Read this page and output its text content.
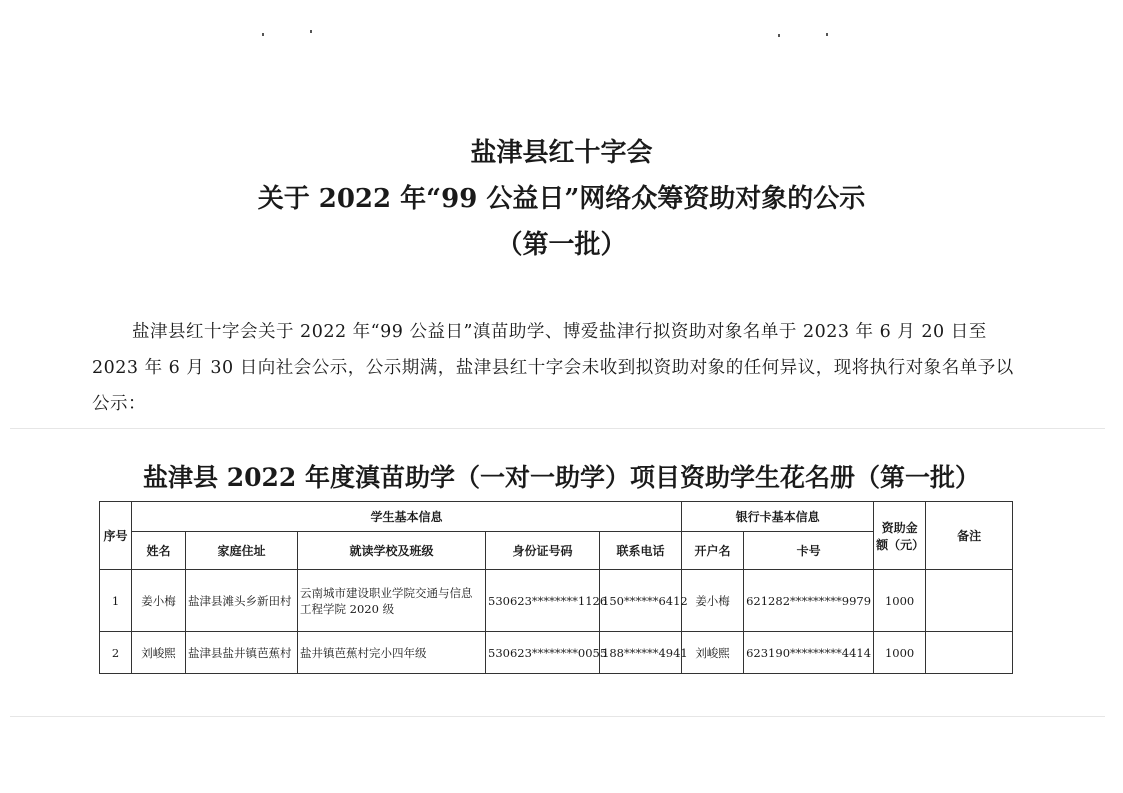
盐津县红十字会
关于 2022 年“99 公益日”网络众筹资助对象的公示
（第一批）
盐津县红十字会关于 2022 年“99 公益日”滇苗助学、博爱盐津行拟资助对象名单于 2023 年 6 月 20 日至 2023 年 6 月 30 日向社会公示，公示期满，盐津县红十字会未收到拟资助对象的任何异议，现将执行对象名单予以公示：
盐津县 2022 年度滇苗助学（一对一助学）项目资助学生花名册（第一批）
序号	学生基本信息					银行卡基本信息		资助金额（元）	备注
	姓名	家庭住址	就读学校及班级	身份证号码	联系电话	开户名	卡号		
1	姜小梅	盐津县滩头乡新田村	云南城市建设职业学院交通与信息工程学院 2020 级	530623********1126	150******6412	姜小梅	621282*********9979	1000	
2	刘峻熙	盐津县盐井镇芭蕉村	盐井镇芭蕉村完小四年级	530623********0055	188******4941	刘峻熙	623190*********4414	1000	
